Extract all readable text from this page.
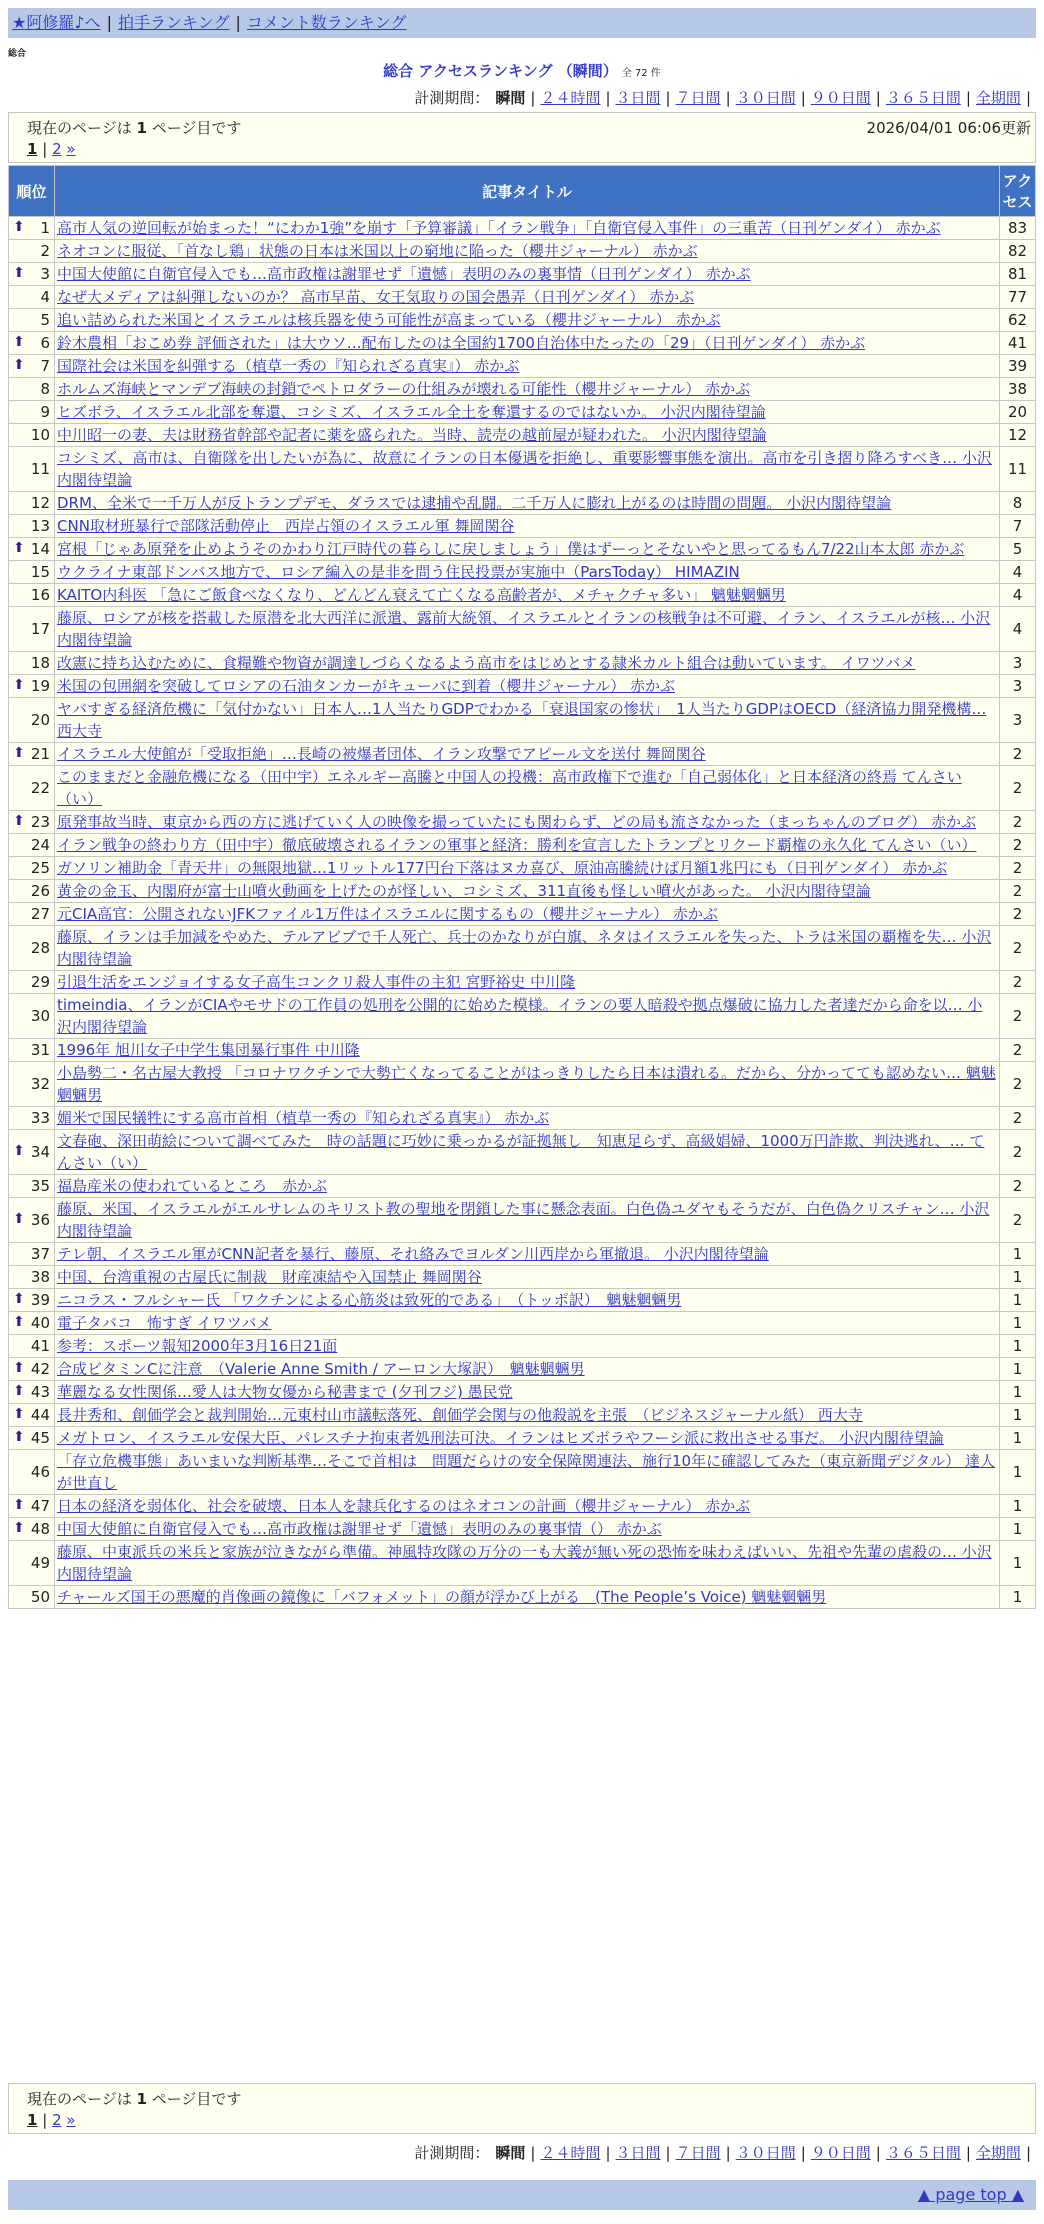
★阿修羅♪へ | 拍手ランキング | コメント数ランキング
総合
総合 アクセスランキング （瞬間） 全 72 件
計測期間： 瞬間 | ２４時間 | ３日間 | ７日間 | ３０日間 | ９０日間 | ３６５日間 | 全期間 |
現在のページは 1 ページ目です	2026/04/01 06:06更新
1 | 2 »
順位	記事タイトル	アクセス

⬆ 1	高市人気の逆回転が始まった！“にわか1強”を崩す「予算審議」「イラン戦争」「自衛官侵入事件」の三重苦（日刊ゲンダイ） 赤かぶ	83
2	ネオコンに服従、「首なし鶏」状態の日本は米国以上の窮地に陥った（櫻井ジャーナル） 赤かぶ	82

⬆ 3	中国大使館に自衛官侵入でも…高市政権は謝罪せず「遺憾」表明のみの裏事情（日刊ゲンダイ） 赤かぶ	81
4	なぜ大メディアは糾弾しないのか？ 高市早苗、女王気取りの国会愚弄（日刊ゲンダイ） 赤かぶ	77
5	追い詰められた米国とイスラエルは核兵器を使う可能性が高まっている（櫻井ジャーナル） 赤かぶ	62

⬆ 6	鈴木農相「おこめ券 評価された」は大ウソ…配布したのは全国約1700自治体中たったの「29」（日刊ゲンダイ） 赤かぶ	41

⬆ 7	国際社会は米国を糾弾する（植草一秀の『知られざる真実』） 赤かぶ	39
8	ホルムズ海峡とマンデブ海峡の封鎖でペトロダラーの仕組みが壊れる可能性（櫻井ジャーナル） 赤かぶ	38
9	ヒズボラ、イスラエル北部を奪還、コシミズ、イスラエル全土を奪還するのではないか。 小沢内閣待望論	20
10	中川昭一の妻、夫は財務省幹部や記者に薬を盛られた。当時、読売の越前屋が疑われた。 小沢内閣待望論	12
11	コシミズ、高市は、自衛隊を出したいが為に、故意にイランの日本優遇を拒絶し、重要影響事態を演出。高市を引き摺り降ろすべき… 小沢内閣待望論	11
12	DRM、全米で一千万人が反トランプデモ、ダラスでは逮捕や乱闘。二千万人に膨れ上がるのは時間の問題。 小沢内閣待望論	8
13	CNN取材班暴行で部隊活動停止　西岸占領のイスラエル軍 舞岡関谷	7

⬆ 14	宮根「じゃあ原発を止めようそのかわり江戸時代の暮らしに戻しましょう」僕はずーっとそないやと思ってるもん7/22山本太郎 赤かぶ	5
15	ウクライナ東部ドンバス地方で、ロシア編入の是非を問う住民投票が実施中（ParsToday） HIMAZIN	4
16	KAITO内科医 「急にご飯食べなくなり、どんどん衰えて亡くなる高齢者が、メチャクチャ多い」 魑魅魍魎男	4
17	藤原、ロシアが核を搭載した原潜を北大西洋に派遣、露前大統領、イスラエルとイランの核戦争は不可避、イラン、イスラエルが核… 小沢内閣待望論	4
18	改憲に持ち込むために、食糧難や物資が調達しづらくなるよう高市をはじめとする隷米カルト組合は動いています。 イワツバメ	3

⬆ 19	米国の包囲網を突破してロシアの石油タンカーがキューバに到着（櫻井ジャーナル） 赤かぶ	3
20	ヤバすぎる経済危機に「気付かない」日本人…1人当たりGDPでわかる「衰退国家の惨状」　1人当たりGDPはOECD（経済協力開発機構… 西大寺	3

⬆ 21	イスラエル大使館が「受取拒絶」…長崎の被爆者団体、イラン攻撃でアピール文を送付 舞岡関谷	2
22	このままだと金融危機になる（田中宇）エネルギー高騰と中国人の投機：高市政権下で進む「自己弱体化」と日本経済の終焉 てんさい（い）	2

⬆ 23	原発事故当時、東京から西の方に逃げていく人の映像を撮っていたにも関わらず、どの局も流さなかった（まっちゃんのブログ） 赤かぶ	2
24	イラン戦争の終わり方（田中宇）徹底破壊されるイランの軍事と経済：勝利を宣言したトランプとリクード覇権の永久化 てんさい（い）	2
25	ガソリン補助金「青天井」の無限地獄…1リットル177円台下落はヌカ喜び、原油高騰続けば月額1兆円にも（日刊ゲンダイ） 赤かぶ	2
26	黄金の金玉、内閣府が富士山噴火動画を上げたのが怪しい、コシミズ、311直後も怪しい噴火があった。 小沢内閣待望論	2
27	元CIA高官：公開されないJFKファイル1万件はイスラエルに関するもの（櫻井ジャーナル） 赤かぶ	2
28	藤原、イランは手加減をやめた、テルアビブで千人死亡、兵士のかなりが白旗、ネタはイスラエルを失った、トラは米国の覇権を失… 小沢内閣待望論	2
29	引退生活をエンジョイする女子高生コンクリ殺人事件の主犯 宮野裕史 中川隆	2
30	timeindia、イランがCIAやモサドの工作員の処刑を公開的に始めた模様。イランの要人暗殺や拠点爆破に協力した者達だから命を以… 小沢内閣待望論	2
31	1996年 旭川女子中学生集団暴行事件 中川隆	2
32	小島勢二・名古屋大教授 「コロナワクチンで大勢亡くなってることがはっきりしたら日本は潰れる。だから、分かってても認めない… 魑魅魍魎男	2
33	媚米で国民犠牲にする高市首相（植草一秀の『知られざる真実』） 赤かぶ	2

⬆ 34	文春砲、深田萌絵について調べてみた　時の話題に巧妙に乗っかるが証拠無し　知恵足らず、高級娼婦、1000万円詐欺、判決逃れ、… てんさい（い）	2
35	福島産米の使われているところ　赤かぶ	2

⬆ 36	藤原、米国、イスラエルがエルサレムのキリスト教の聖地を閉鎖した事に懸念表面。白色偽ユダヤもそうだが、白色偽クリスチャン… 小沢内閣待望論	2
37	テレ朝、イスラエル軍がCNN記者を暴行、藤原、それ絡みでヨルダン川西岸から軍撤退。 小沢内閣待望論	1
38	中国、台湾重視の古屋氏に制裁　財産凍結や入国禁止 舞岡関谷	1

⬆ 39	ニコラス・フルシャー氏 「ワクチンによる心筋炎は致死的である」　（トッポ訳）　魑魅魍魎男	1

⬆ 40	電子タバコ　怖すぎ イワツバメ	1
41	参考：スポーツ報知2000年3月16日21面	1

⬆ 42	合成ビタミンCに注意　（Valerie Anne Smith / アーロン大塚訳）　魑魅魍魎男	1

⬆ 43	華麗なる女性関係…愛人は大物女優から秘書まで (夕刊フジ) 愚民党	1

⬆ 44	長井秀和、創価学会と裁判開始…元東村山市議転落死、創価学会関与の他殺説を主張　（ビジネスジャーナル紙） 西大寺	1

⬆ 45	メガトロン、イスラエル安保大臣、パレスチナ拘束者処刑法可決。イランはヒズボラやフーシ派に救出させる事だ。 小沢内閣待望論	1
46	「存立危機事態」あいまいな判断基準…そこで首相は　問題だらけの安全保障関連法、施行10年に確認してみた（東京新聞デジタル） 達人が世直し	1

⬆ 47	日本の経済を弱体化、社会を破壊、日本人を隷兵化するのはネオコンの計画（櫻井ジャーナル） 赤かぶ	1

⬆ 48	中国大使館に自衛官侵入でも…高市政権は謝罪せず「遺憾」表明のみの裏事情（） 赤かぶ	1
49	藤原、中東派兵の米兵と家族が泣きながら準備。神風特攻隊の万分の一も大義が無い死の恐怖を味わえばいい、先祖や先輩の虐殺の… 小沢内閣待望論	1
50	チャールズ国王の悪魔的肖像画の鏡像に「バフォメット」の顔が浮かび上がる　(The People’s Voice) 魑魅魍魎男	1
現在のページは 1 ページ目です
1 | 2 »
計測期間： 瞬間 | ２４時間 | ３日間 | ７日間 | ３０日間 | ９０日間 | ３６５日間 | 全期間 |
▲ page top ▲
